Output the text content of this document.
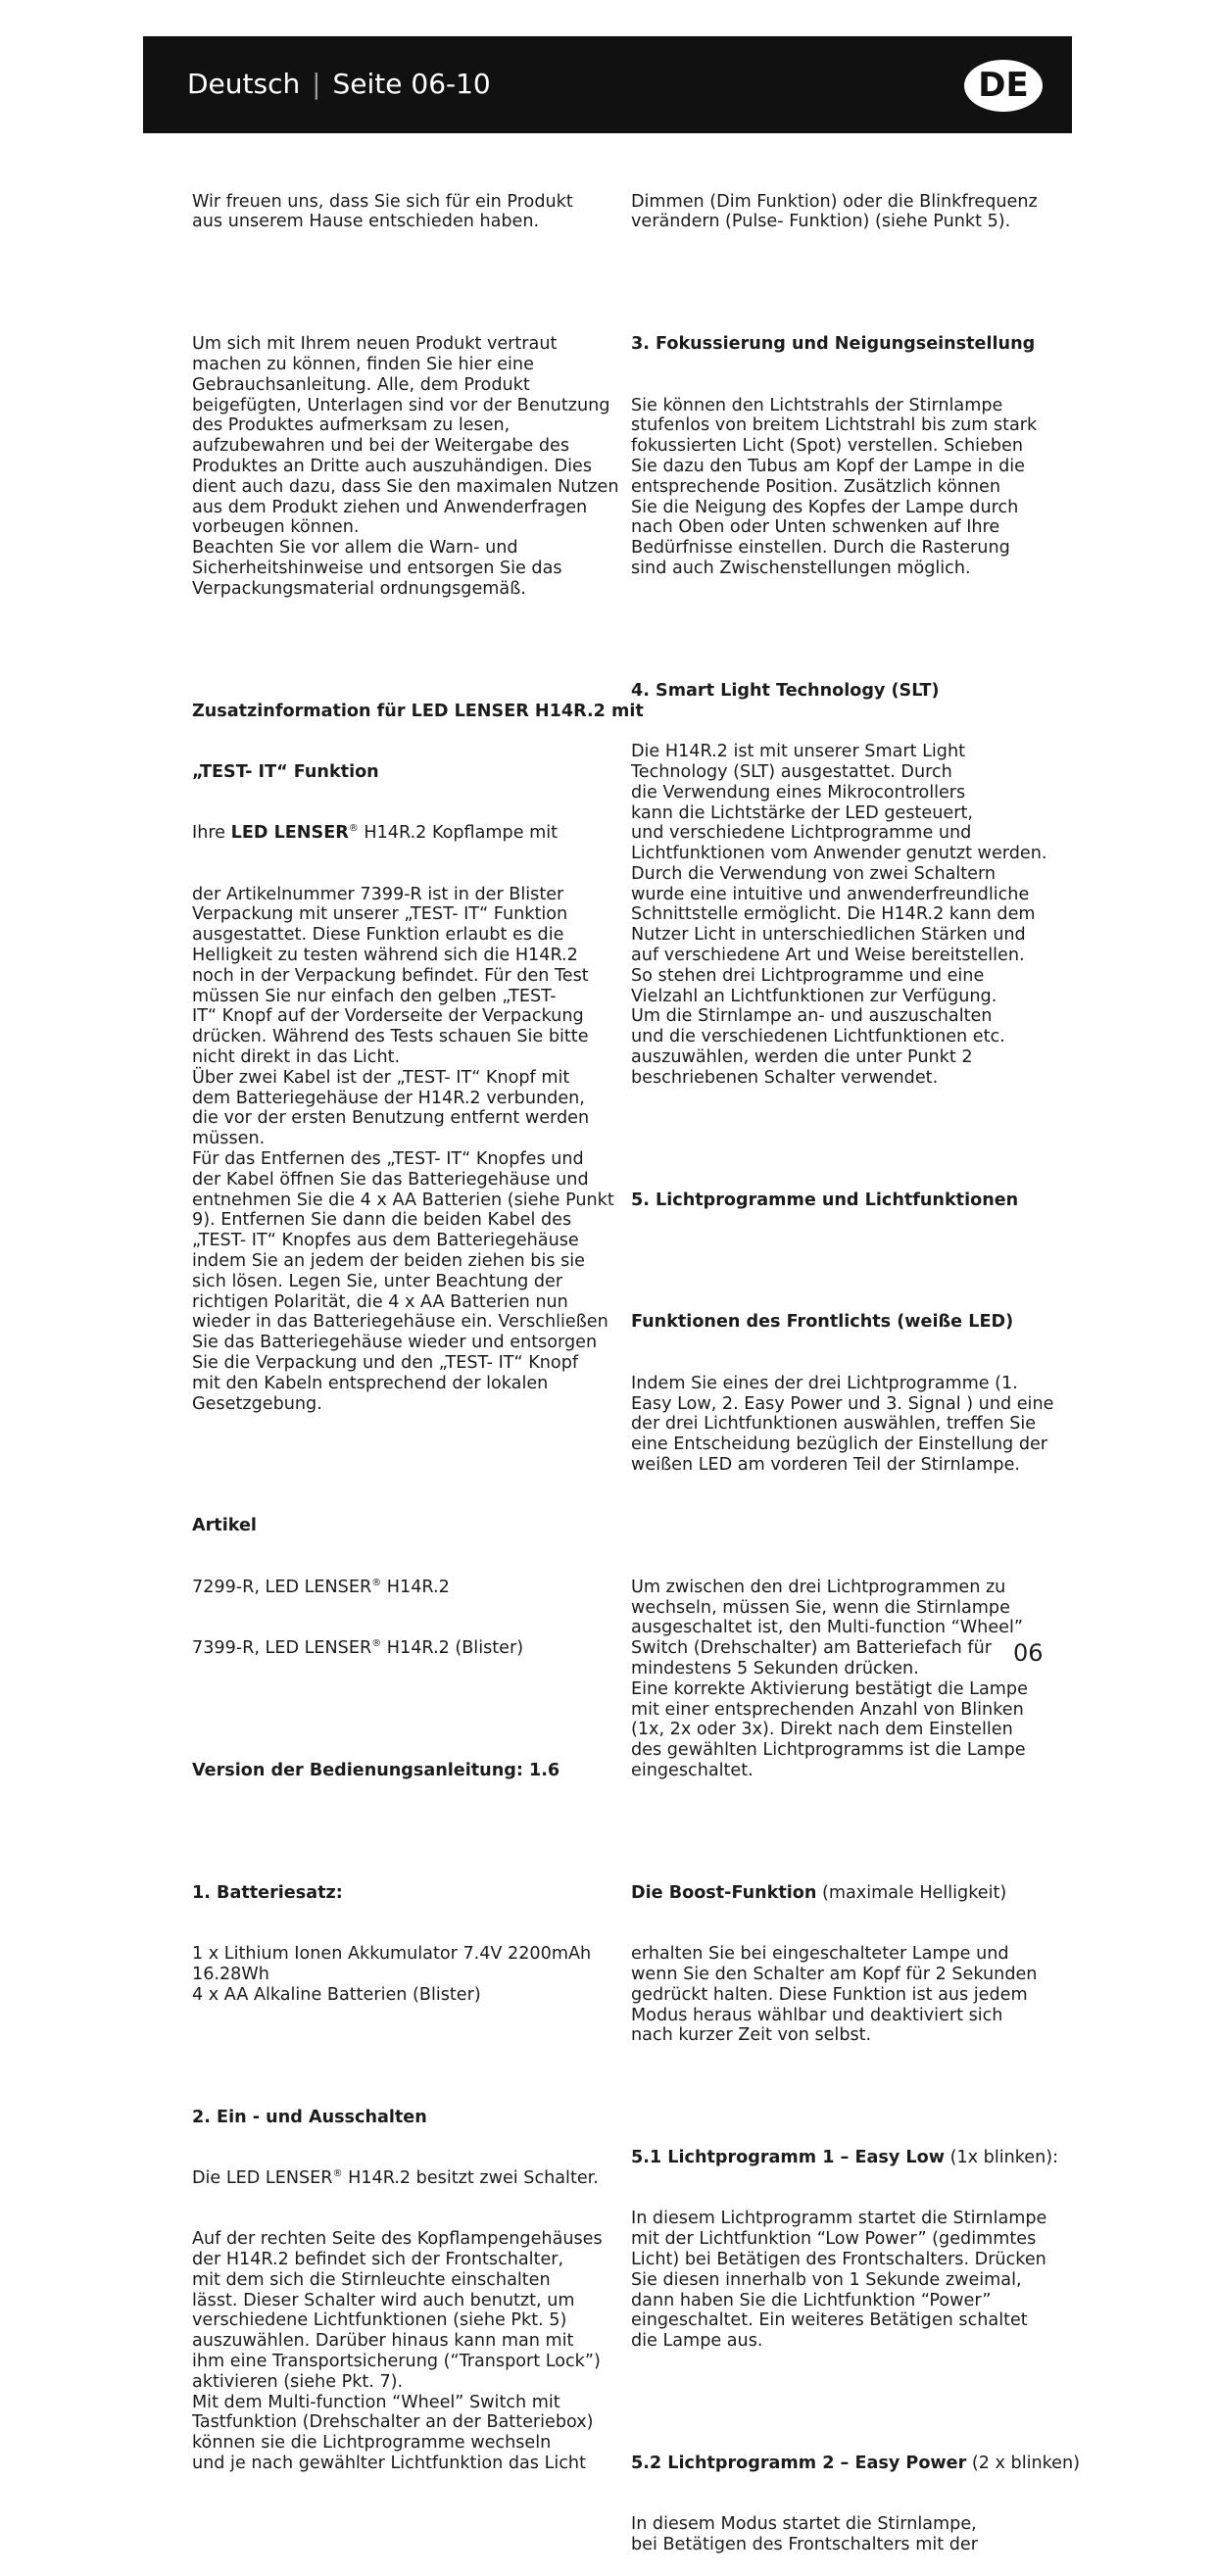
Deutsch | Seite 06-10	DE

Wir freuen uns, dass Sie sich für ein Produkt
aus unserem Hause entschieden haben.

Um sich mit Ihrem neuen Produkt vertraut
machen zu können, finden Sie hier eine
Gebrauchsanleitung. Alle, dem Produkt
beigefügten, Unterlagen sind vor der Benutzung
des Produktes aufmerksam zu lesen,
aufzubewahren und bei der Weitergabe des
Produktes an Dritte auch auszuhändigen. Dies
dient auch dazu, dass Sie den maximalen Nutzen
aus dem Produkt ziehen und Anwenderfragen
vorbeugen können.
Beachten Sie vor allem die Warn- und
Sicherheitshinweise und entsorgen Sie das
Verpackungsmaterial ordnungsgemäß.

Zusatzinformation für LED LENSER H14R.2 mit

„TEST- IT“ Funktion

Ihre LED LENSER® H14R.2 Kopflampe mit

der Artikelnummer 7399-R ist in der Blister
Verpackung mit unserer „TEST- IT“ Funktion
ausgestattet. Diese Funktion erlaubt es die
Helligkeit zu testen während sich die H14R.2
noch in der Verpackung befindet. Für den Test
müssen Sie nur einfach den gelben „TEST-
IT“ Knopf auf der Vorderseite der Verpackung
drücken. Während des Tests schauen Sie bitte
nicht direkt in das Licht.
Über zwei Kabel ist der „TEST- IT“ Knopf mit
dem Batteriegehäuse der H14R.2 verbunden,
die vor der ersten Benutzung entfernt werden
müssen.
Für das Entfernen des „TEST- IT“ Knopfes und
der Kabel öffnen Sie das Batteriegehäuse und
entnehmen Sie die 4 x AA Batterien (siehe Punkt
9). Entfernen Sie dann die beiden Kabel des
„TEST- IT“ Knopfes aus dem Batteriegehäuse
indem Sie an jedem der beiden ziehen bis sie
sich lösen. Legen Sie, unter Beachtung der
richtigen Polarität, die 4 x AA Batterien nun
wieder in das Batteriegehäuse ein. Verschließen
Sie das Batteriegehäuse wieder und entsorgen
Sie die Verpackung und den „TEST- IT“ Knopf
mit den Kabeln entsprechend der lokalen
Gesetzgebung.

Artikel

7299-R, LED LENSER® H14R.2

7399-R, LED LENSER® H14R.2 (Blister)

Version der Bedienungsanleitung: 1.6

1. Batteriesatz:

1 x Lithium Ionen Akkumulator 7.4V 2200mAh
16.28Wh
4 x AA Alkaline Batterien (Blister)

2. Ein - und Ausschalten

Die LED LENSER® H14R.2 besitzt zwei Schalter.

Auf der rechten Seite des Kopflampengehäuses
der H14R.2 befindet sich der Frontschalter,
mit dem sich die Stirnleuchte einschalten
lässt. Dieser Schalter wird auch benutzt, um
verschiedene Lichtfunktionen (siehe Pkt. 5)
auszuwählen. Darüber hinaus kann man mit
ihm eine Transportsicherung (“Transport Lock”)
aktivieren (siehe Pkt. 7).
Mit dem Multi-function “Wheel” Switch mit
Tastfunktion (Drehschalter an der Batteriebox)
können sie die Lichtprogramme wechseln
und je nach gewählter Lichtfunktion das Licht

Dimmen (Dim Funktion) oder die Blinkfrequenz
verändern (Pulse- Funktion) (siehe Punkt 5).

3. Fokussierung und Neigungseinstellung

Sie können den Lichtstrahls der Stirnlampe
stufenlos von breitem Lichtstrahl bis zum stark
fokussierten Licht (Spot) verstellen. Schieben
Sie dazu den Tubus am Kopf der Lampe in die
entsprechende Position. Zusätzlich können
Sie die Neigung des Kopfes der Lampe durch
nach Oben oder Unten schwenken auf Ihre
Bedürfnisse einstellen. Durch die Rasterung
sind auch Zwischenstellungen möglich.

4. Smart Light Technology (SLT)

Die H14R.2 ist mit unserer Smart Light
Technology (SLT) ausgestattet. Durch
die Verwendung eines Mikrocontrollers
kann die Lichtstärke der LED gesteuert,
und verschiedene Lichtprogramme und
Lichtfunktionen vom Anwender genutzt werden.
Durch die Verwendung von zwei Schaltern
wurde eine intuitive und anwenderfreundliche
Schnittstelle ermöglicht. Die H14R.2 kann dem
Nutzer Licht in unterschiedlichen Stärken und
auf verschiedene Art und Weise bereitstellen.
So stehen drei Lichtprogramme und eine
Vielzahl an Lichtfunktionen zur Verfügung.
Um die Stirnlampe an- und auszuschalten
und die verschiedenen Lichtfunktionen etc.
auszuwählen, werden die unter Punkt 2
beschriebenen Schalter verwendet.

5. Lichtprogramme und Lichtfunktionen

Funktionen des Frontlichts (weiße LED)

Indem Sie eines der drei Lichtprogramme (1.
Easy Low, 2. Easy Power und 3. Signal ) und eine
der drei Lichtfunktionen auswählen, treffen Sie
eine Entscheidung bezüglich der Einstellung der
weißen LED am vorderen Teil der Stirnlampe.

Um zwischen den drei Lichtprogrammen zu
wechseln, müssen Sie, wenn die Stirnlampe
ausgeschaltet ist, den Multi-function “Wheel”
Switch (Drehschalter) am Batteriefach für
mindestens 5 Sekunden drücken.
Eine korrekte Aktivierung bestätigt die Lampe
mit einer entsprechenden Anzahl von Blinken
(1x, 2x oder 3x). Direkt nach dem Einstellen
des gewählten Lichtprogramms ist die Lampe
eingeschaltet.

Die Boost-Funktion (maximale Helligkeit)

erhalten Sie bei eingeschalteter Lampe und
wenn Sie den Schalter am Kopf für 2 Sekunden
gedrückt halten. Diese Funktion ist aus jedem
Modus heraus wählbar und deaktiviert sich
nach kurzer Zeit von selbst.

5.1 Lichtprogramm 1 – Easy Low (1x blinken):

In diesem Lichtprogramm startet die Stirnlampe
mit der Lichtfunktion “Low Power” (gedimmtes
Licht) bei Betätigen des Frontschalters. Drücken
Sie diesen innerhalb von 1 Sekunde zweimal,
dann haben Sie die Lichtfunktion “Power”
eingeschaltet. Ein weiteres Betätigen schaltet
die Lampe aus.

5.2 Lichtprogramm 2 – Easy Power (2 x blinken)

In diesem Modus startet die Stirnlampe,
bei Betätigen des Frontschalters mit der

06
